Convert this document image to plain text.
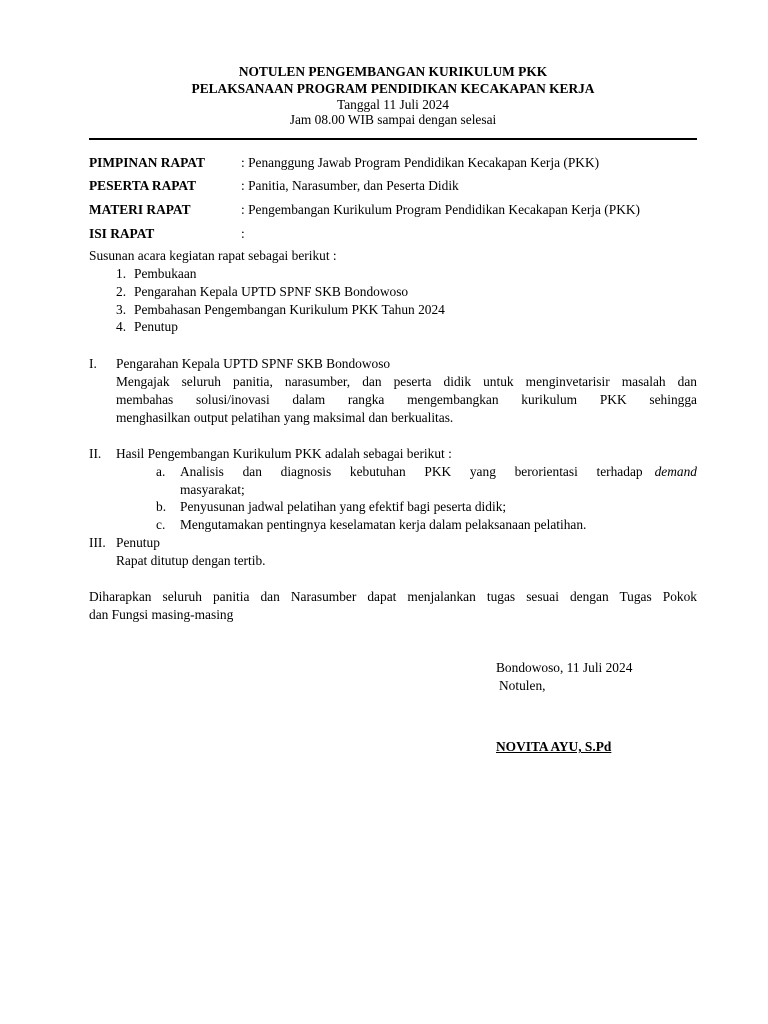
NOTULEN PENGEMBANGAN KURIKULUM PKK
PELAKSANAAN PROGRAM PENDIDIKAN KECAKAPAN KERJA
Tanggal 11 Juli 2024
Jam 08.00 WIB sampai dengan selesai
PIMPINAN RAPAT	: Penanggung Jawab Program Pendidikan Kecakapan Kerja (PKK)
PESERTA RAPAT	: Panitia, Narasumber, dan Peserta Didik
MATERI RAPAT	: Pengembangan Kurikulum Program Pendidikan Kecakapan Kerja (PKK)
ISI RAPAT	:
Susunan acara kegiatan rapat sebagai berikut :
1. Pembukaan
2. Pengarahan Kepala UPTD SPNF SKB Bondowoso
3. Pembahasan Pengembangan Kurikulum PKK Tahun 2024
4. Penutup
I. Pengarahan Kepala UPTD SPNF SKB Bondowoso
Mengajak seluruh panitia, narasumber, dan peserta didik untuk menginvetarisir masalah dan
membahas solusi/inovasi dalam rangka mengembangkan kurikulum PKK sehingga
menghasilkan output pelatihan yang maksimal dan berkualitas.
II. Hasil Pengembangan Kurikulum PKK adalah sebagai berikut :
a. Analisis dan diagnosis kebutuhan PKK yang berorientasi terhadap demand
masyarakat;
b. Penyusunan jadwal pelatihan yang efektif bagi peserta didik;
c. Mengutamakan pentingnya keselamatan kerja dalam pelaksanaan pelatihan.
III. Penutup
Rapat ditutup dengan tertib.
Diharapkan seluruh panitia dan Narasumber dapat menjalankan tugas sesuai dengan Tugas Pokok
dan Fungsi masing-masing
Bondowoso, 11 Juli 2024
Notulen,
NOVITA AYU, S.Pd
